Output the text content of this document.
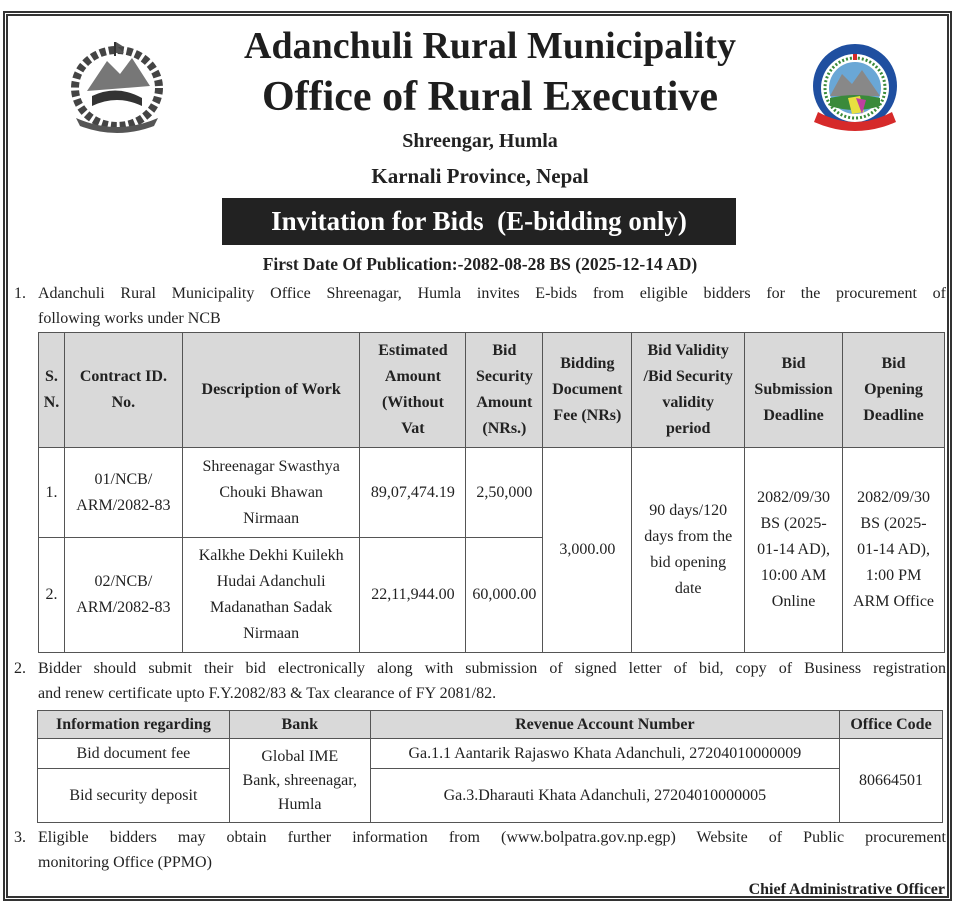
Adanchuli Rural Municipality
Office of Rural Executive
Shreengar, Humla
Karnali Province, Nepal
Invitation for Bids  (E-bidding only)
First Date Of Publication:-2082-08-28 BS (2025-12-14 AD)
1. Adanchuli Rural Municipality Office Shreenagar, Humla invites E-bids from eligible bidders for the procurement of
following works under NCB
S.
N.	Contract ID.
No.	Description of Work	Estimated
Amount
(Without
Vat	Bid
Security
Amount
(NRs.)	Bidding
Document
Fee (NRs)	Bid Validity
/Bid Security
validity
period	Bid
Submission
Deadline	Bid
Opening
Deadline
1.	01/NCB/
ARM/2082-83	Shreenagar Swasthya
Chouki Bhawan
Nirmaan	89,07,474.19	2,50,000	3,000.00	90 days/120
days from the
bid opening
date	2082/09/30
BS (2025-
01-14 AD),
10:00 AM
Online	2082/09/30
BS (2025-
01-14 AD),
1:00 PM
ARM Office
2.	02/NCB/
ARM/2082-83	Kalkhe Dekhi Kuilekh
Hudai Adanchuli
Madanathan Sadak
Nirmaan	22,11,944.00	60,000.00				
2. Bidder should submit their bid electronically along with submission of signed letter of bid, copy of Business registration
and renew certificate upto F.Y.2082/83 & Tax clearance of FY 2081/82.
Information regarding	Bank	Revenue Account Number	Office Code
Bid document fee	Global IME
Bank, shreenagar,
Humla	Ga.1.1 Aantarik Rajaswo Khata Adanchuli, 27204010000009	80664501
Bid security deposit		Ga.3.Dharauti Khata Adanchuli, 27204010000005	
3. Eligible bidders may obtain further information from (www.bolpatra.gov.np.egp) Website of Public procurement
monitoring Office (PPMO)
Chief Administrative Officer
